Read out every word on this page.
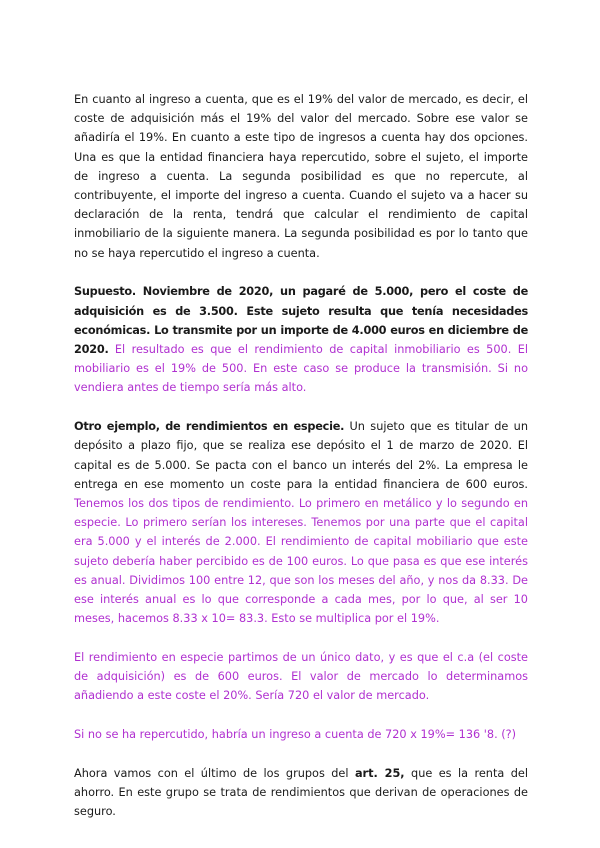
En cuanto al ingreso a cuenta, que es el 19% del valor de mercado, es decir, el coste de adquisición más el 19% del valor del mercado. Sobre ese valor se añadiría el 19%. En cuanto a este tipo de ingresos a cuenta hay dos opciones. Una es que la entidad financiera haya repercutido, sobre el sujeto, el importe de ingreso a cuenta. La segunda posibilidad es que no repercute, al contribuyente, el importe del ingreso a cuenta. Cuando el sujeto va a hacer su declaración de la renta, tendrá que calcular el rendimiento de capital inmobiliario de la siguiente manera. La segunda posibilidad es por lo tanto que no se haya repercutido el ingreso a cuenta.

Supuesto. Noviembre de 2020, un pagaré de 5.000, pero el coste de adquisición es de 3.500. Este sujeto resulta que tenía necesidades económicas. Lo transmite por un importe de 4.000 euros en diciembre de 2020. El resultado es que el rendimiento de capital inmobiliario es 500. El mobiliario es el 19% de 500. En este caso se produce la transmisión. Si no vendiera antes de tiempo sería más alto.

Otro ejemplo, de rendimientos en especie. Un sujeto que es titular de un depósito a plazo fijo, que se realiza ese depósito el 1 de marzo de 2020. El capital es de 5.000. Se pacta con el banco un interés del 2%. La empresa le entrega en ese momento un coste para la entidad financiera de 600 euros. Tenemos los dos tipos de rendimiento. Lo primero en metálico y lo segundo en especie. Lo primero serían los intereses. Tenemos por una parte que el capital era 5.000 y el interés de 2.000. El rendimiento de capital mobiliario que este sujeto debería haber percibido es de 100 euros. Lo que pasa es que ese interés es anual. Dividimos 100 entre 12, que son los meses del año, y nos da 8.33. De ese interés anual es lo que corresponde a cada mes, por lo que, al ser 10 meses, hacemos 8.33 x 10= 83.3. Esto se multiplica por el 19%.

El rendimiento en especie partimos de un único dato, y es que el c.a (el coste de adquisición) es de 600 euros. El valor de mercado lo determinamos añadiendo a este coste el 20%. Sería 720 el valor de mercado.

Si no se ha repercutido, habría un ingreso a cuenta de 720 x 19%= 136 '8. (?)

Ahora vamos con el último de los grupos del art. 25, que es la renta del ahorro. En este grupo se trata de rendimientos que derivan de operaciones de seguro.
